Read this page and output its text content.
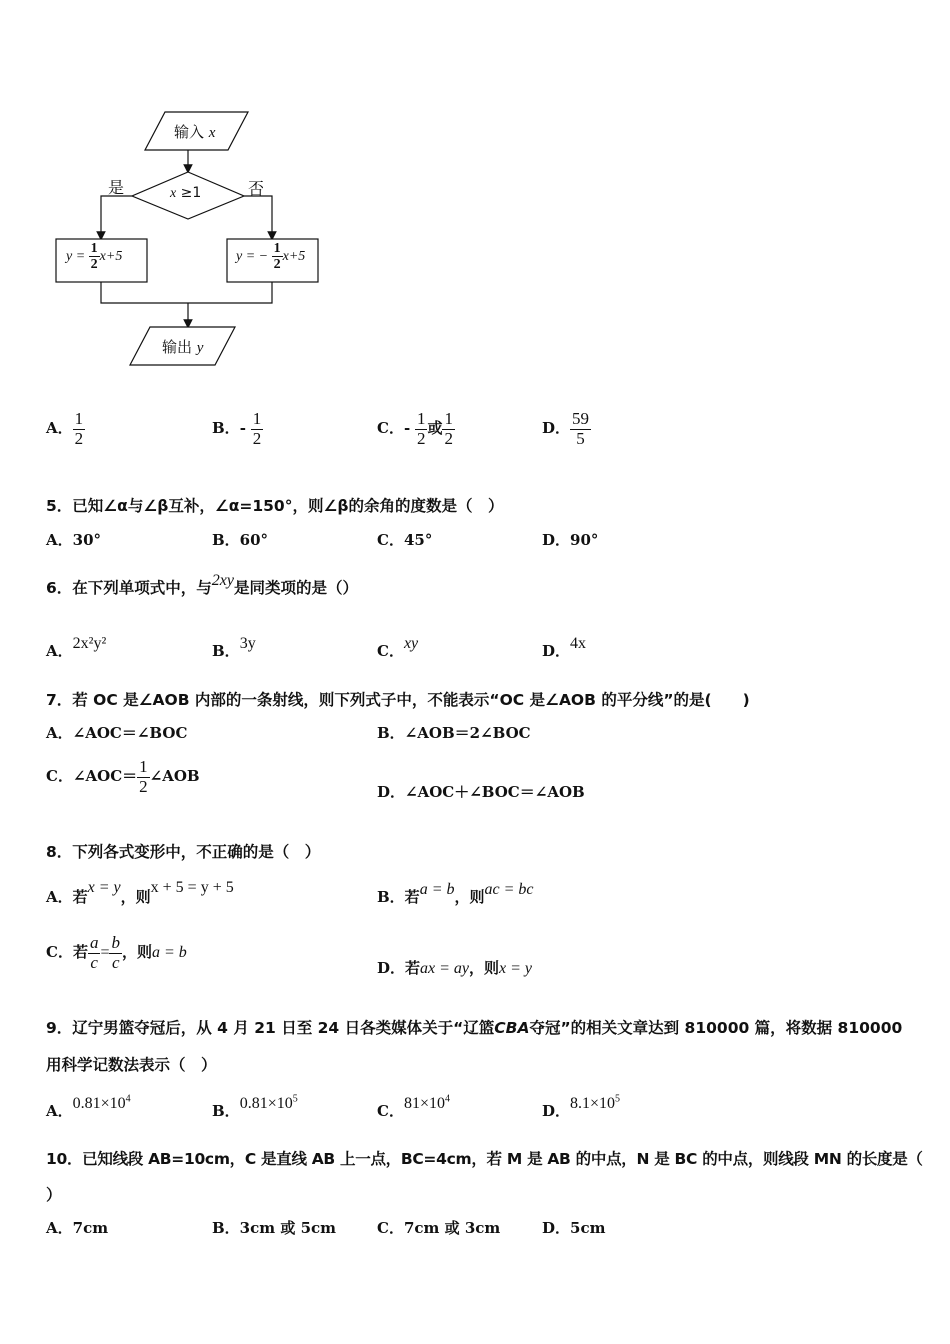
输入 x
x ≥1
是	否
$y = \frac{1}{2} x+5$	y = − $\frac{1}{2} x+5$
输出 y
A． $\frac{1}{2}$	B．- $\frac{1}{2}$	C．- $\frac{1}{2}$ 或 $\frac{1}{2}$	D． $\frac{59}{5}$
5．已知∠α与∠β互补，∠α=150°，则∠β的余角的度数是（　）
A．30°	B．60°	C．45°	D．90°
6．在下列单项式中，与2xy是同类项的是（）
A．2x²y²	B．3y	C．xy	D．4x
7．若 OC 是∠AOB 内部的一条射线，则下列式子中，不能表示“OC 是∠AOB 的平分线”的是(　　)
A．∠AOC＝∠BOC	B．∠AOB＝2∠BOC
C．∠AOC＝ $\frac{1}{2}$ ∠AOB
D．∠AOC＋∠BOC＝∠AOB
8．下列各式变形中，不正确的是（　）
A．若x = y，则x + 5 = y + 5
B．若a = b，则ac = bc
C．若 $\frac{a}{c} = \frac{b}{c}$ ，则a = b
D．若ax = ay，则x = y
9．辽宁男篮夺冠后，从 4 月 21 日至 24 日各类媒体关于“辽篮CBA夺冠”的相关文章达到 810000 篇，将数据 810000
用科学记数法表示（　）
A．$0.81\times 10^4$
B．$0.81\times 10^5$
C．$81\times 10^4$
D．$8.1\times 10^5$
10．已知线段 AB=10cm，C 是直线 AB 上一点，BC=4cm，若 M 是 AB 的中点，N 是 BC 的中点，则线段 MN 的长度是（
）
A．7cm	B．3cm 或 5cm	C．7cm 或 3cm	D．5cm
